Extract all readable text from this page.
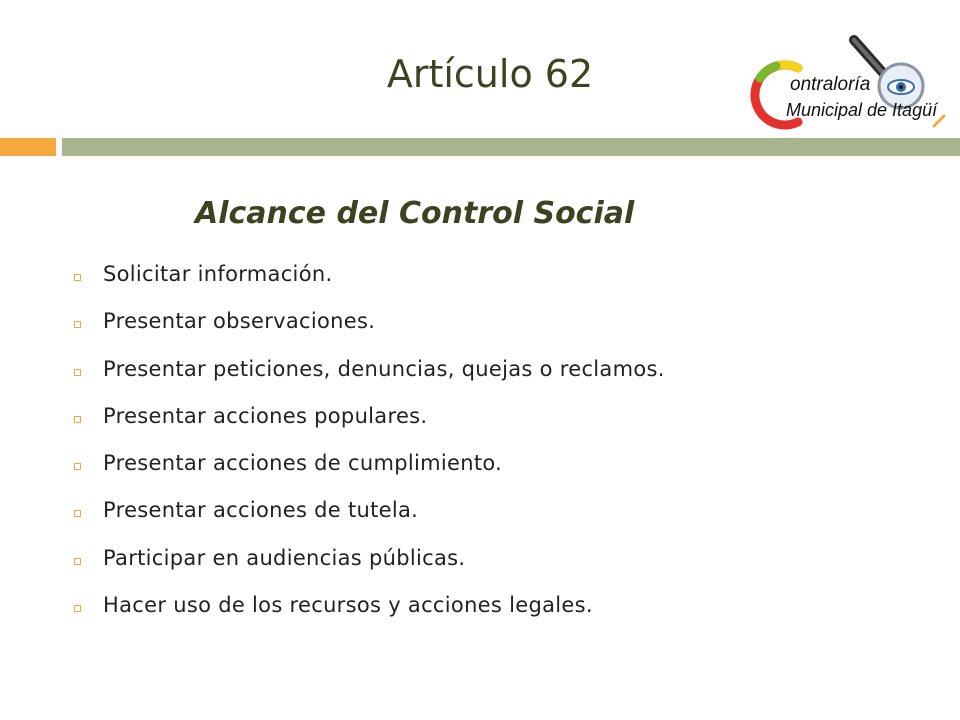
Artículo 62	ontraloría
Municipal de Itagüí
Alcance del Control Social
Solicitar información.
Presentar observaciones.
Presentar peticiones, denuncias, quejas o reclamos.
Presentar acciones populares.
Presentar acciones de cumplimiento.
Presentar acciones de tutela.
Participar en audiencias públicas.
Hacer uso de los recursos y acciones legales.
